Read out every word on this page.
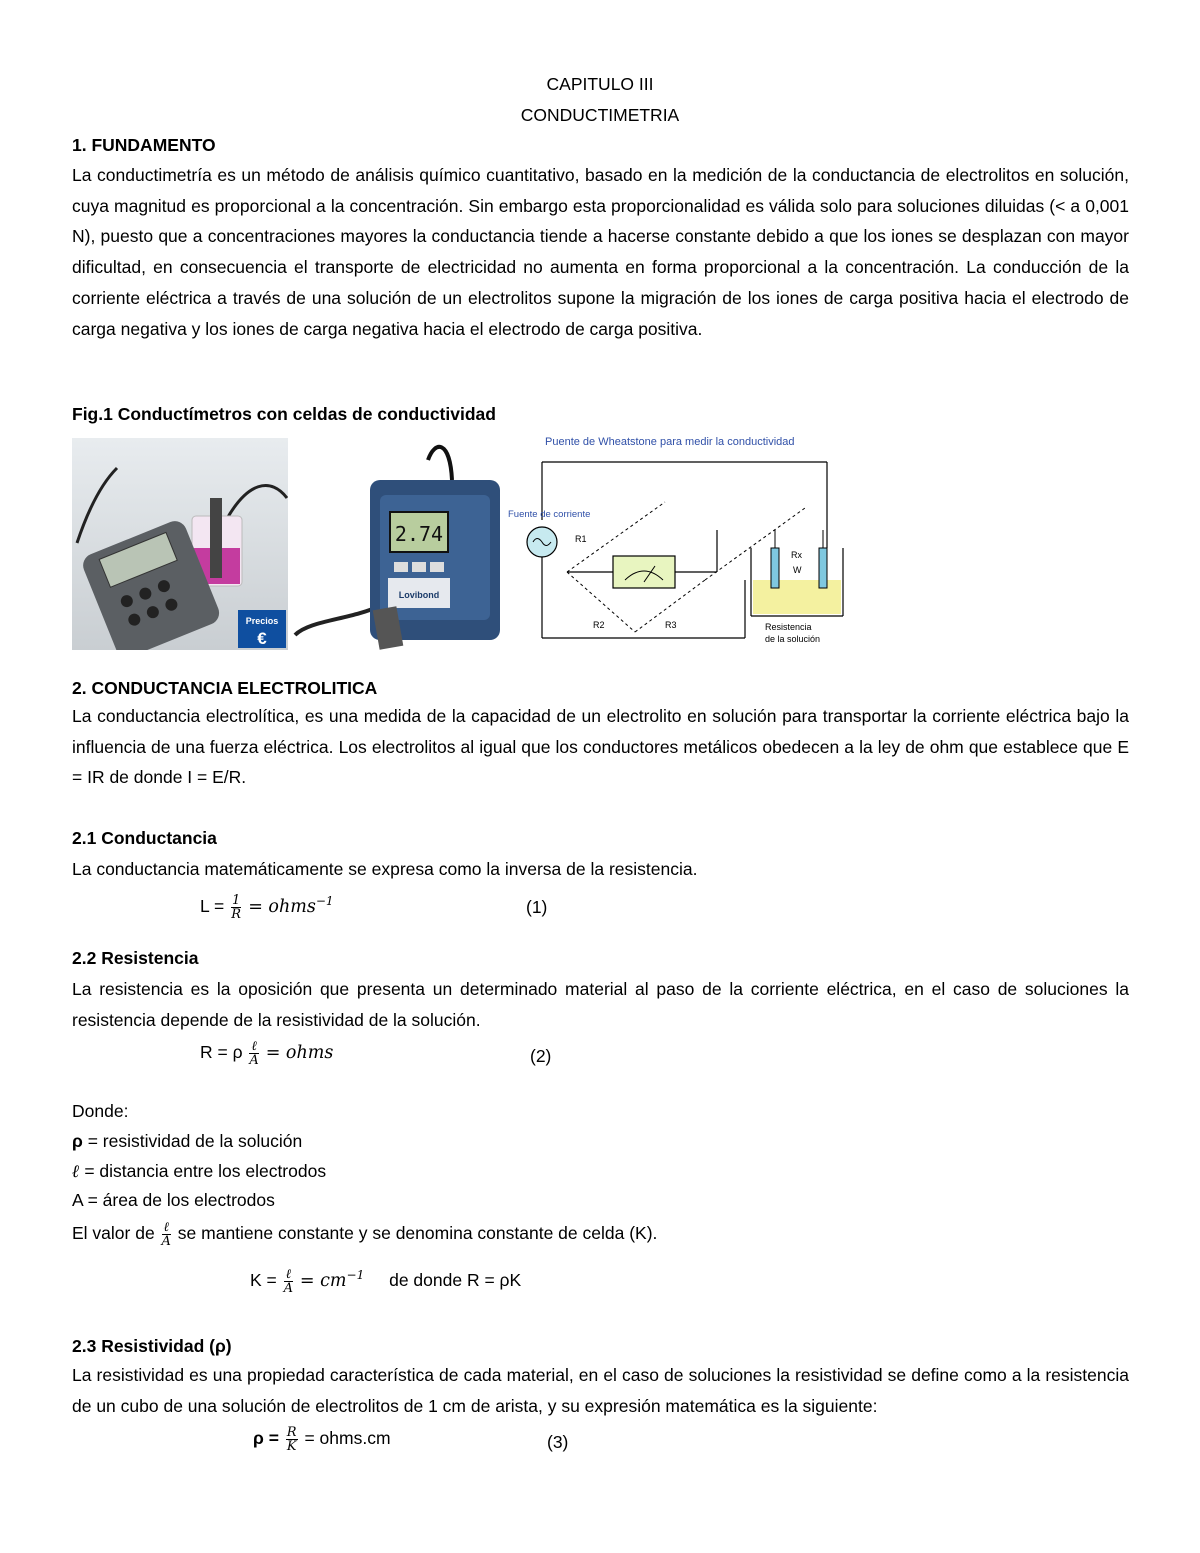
CAPITULO III
CONDUCTIMETRIA
1. FUNDAMENTO

La conductimetría es un método de análisis químico cuantitativo, basado en la medición de la conductancia de electrolitos en solución, cuya magnitud es proporcional a la concentración. Sin embargo esta proporcionalidad es válida solo para soluciones diluidas (< a 0,001 N), puesto que a concentraciones mayores la conductancia tiende a hacerse constante debido a que los iones se desplazan con mayor dificultad, en consecuencia el transporte de electricidad no aumenta en forma proporcional a la concentración. La conducción de la corriente eléctrica a través de una solución de un electrolitos supone la migración de los iones de carga positiva hacia el electrodo de carga negativa y los iones de carga negativa hacia el electrodo de carga positiva.

Fig.1 Conductímetros con celdas de conductividad
Precios
€
2.74
Lovibond
Puente de Wheatstone para medir la conductividad
Fuente de corriente
R1
R2	R3
Rx
W
Resistencia
de la solución
2. CONDUCTANCIA ELECTROLITICA

La conductancia electrolítica, es una medida de la capacidad de un electrolito en solución para transportar la corriente eléctrica bajo la influencia de una fuerza eléctrica. Los electrolitos al igual que los conductores metálicos obedecen a la ley de ohm que establece que E = IR de donde I = E/R.

2.1 Conductancia
La conductancia matemáticamente se expresa como la inversa de la resistencia.
$L = \frac{1}{R}$ = ohms$^{-1}$	(1)
2.2 Resistencia

La resistencia es la oposición que presenta un determinado material al paso de la corriente eléctrica, en el caso de soluciones la resistencia depende de la resistividad de la solución.

R = ρ $\frac{\text{ℓ}}{A}$ = ohms	(2)
Donde:
ρ = resistividad de la solución
ℓ = distancia entre los electrodos
A = área de los electrodos
El valor de $\frac{\text{ℓ}}{A}$ se mantiene constante y se denomina constante de celda (K).
$K = \frac{\text{ℓ}}{A} = cm^{-1}$ de donde R = ρK
2.3 Resistividad (ρ)

La resistividad es una propiedad característica de cada material, en el caso de soluciones la resistividad se define como a la resistencia de un cubo de una solución de electrolitos de 1 cm de arista, y su expresión matemática es la siguiente:

$\rho = \frac{R}{K}$ = ohms.cm	(3)
